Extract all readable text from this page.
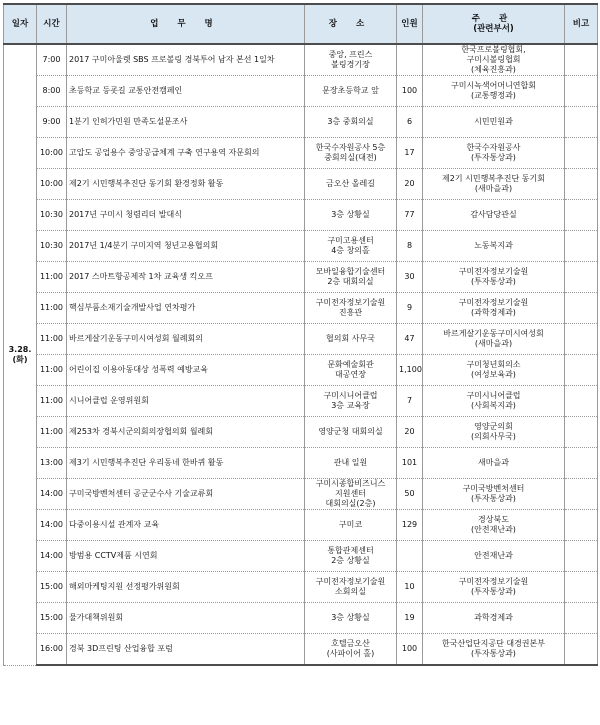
일자	시간	업 무 명	장 소	인원	주 관
(관련부서)	비고
3.28.(화)	7:00	2017 구미아울렛 SBS 프로볼링 경북투어 남자 본선 1일차	중앙, 프린스
볼링경기장		한국프로볼링협회,
구미시볼링협회
(체육진흥과)	

	8:00	초등학교 등굣길 교통안전캠페인	문장초등학교 앞	100	구미시녹색어머니연합회
(교통행정과)	

	9:00	1분기 인허가민원 만족도설문조사	3층 중회의실	6	시민민원과	

	10:00	고압도 공업용수 중앙공급체계 구축 연구용역 자문회의	한국수자원공사 5층
중회의실(대전)	17	한국수자원공사
(투자통상과)	

	10:00	제2기 시민행복추진단 동기회 환경정화 활동	금오산 올레길	20	제2기 시민행복추진단 동기회
(새마을과)	

	10:30	2017년 구미시 청렴리더 발대식	3층 상황실	77	감사담당관실	

	10:30	2017년 1/4분기 구미지역 청년고용협의회	구미고용센터
4층 창의홀	8	노동복지과	

	11:00	2017 스마트항공제작 1차 교육생 킥오프	모바일융합기술센터
2층 대회의실	30	구미전자정보기술원
(투자통상과)	

	11:00	핵심부품소재기술개발사업 연차평가	구미전자정보기술원
진흥관	9	구미전자정보기술원
(과학경제과)	

	11:00	바르게살기운동구미시여성회 월례회의	협의회 사무국	47	바르게살기운동구미시여성회
(새마을과)	

	11:00	어린이집 이용아동대상 성폭력 예방교육	문화예술회관
대공연장	1,100	구미청년회의소
(여성보육과)	

	11:00	시니어클럽 운영위원회	구미시니어클럽
3층 교육장	7	구미시니어클럽
(사회복지과)	

	11:00	제253차 경북시군의회의장협의회 월례회	영양군청 대회의실	20	영양군의회
(의회사무국)	

	13:00	제3기 시민행복추진단 우리동네 한바퀴 활동	관내 일원	101	새마을과	

	14:00	구미국방벤처센터 공군군수사 기술교류회	구미시종합비즈니스
지원센터
대회의실(2층)	50	구미국방벤처센터
(투자통상과)	

	14:00	다중이용시설 관계자 교육	구미코	129	경상북도
(안전재난과)	

	14:00	방범용 CCTV제품 시연회	통합관제센터
2층 상황실		안전재난과	

	15:00	해외마케팅지원 선정평가위원회	구미전자정보기술원
소회의실	10	구미전자정보기술원
(투자통상과)	

	15:00	물가대책위원회	3층 상황실	19	과학경제과	

	16:00	경북 3D프린팅 산업융합 포럼	호텔금오산
(사파이어 홀)	100	한국산업단지공단 대경권본부
(투자통상과)	
